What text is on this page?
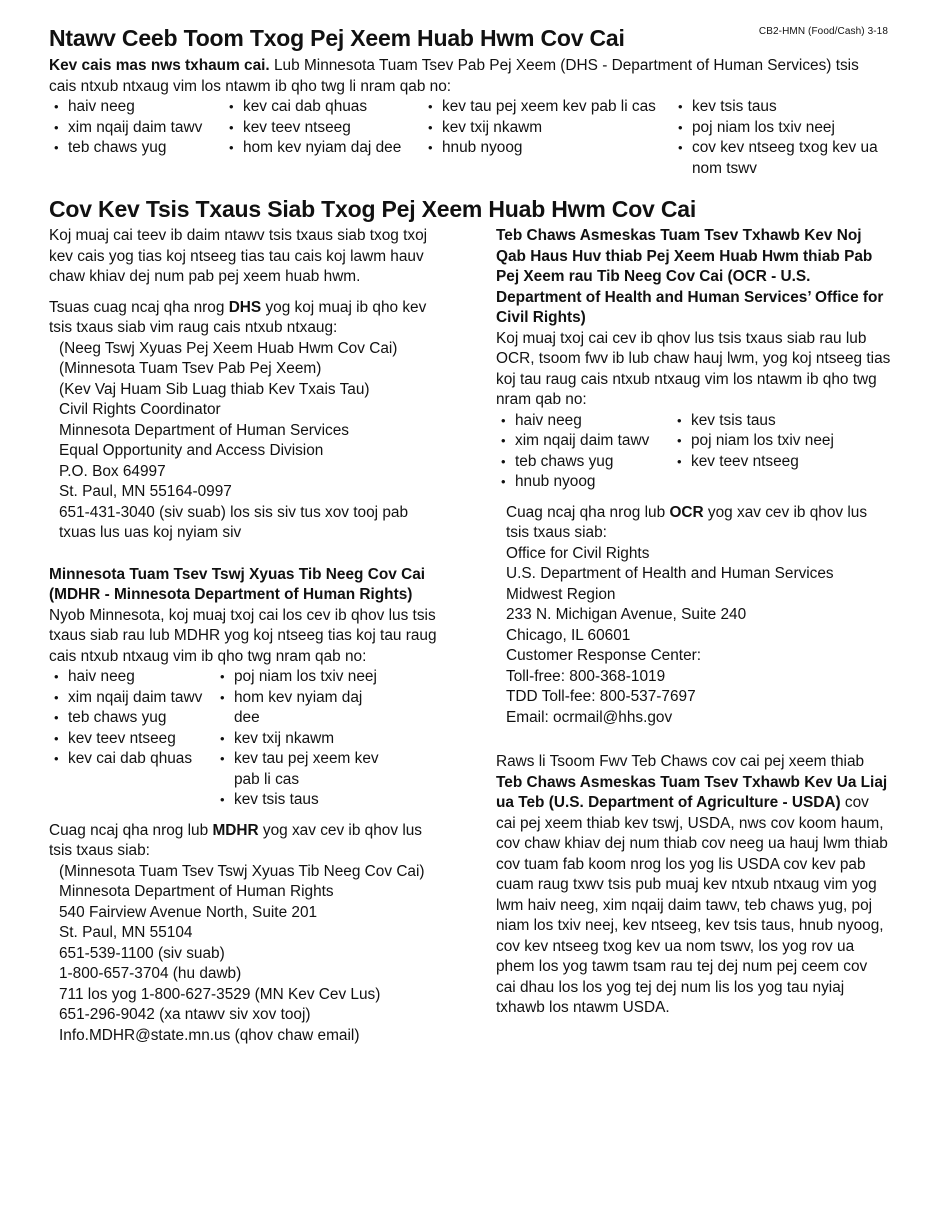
CB2-HMN (Food/Cash) 3-18
Ntawv Ceeb Toom Txog Pej Xeem Huab Hwm Cov Cai

Kev cais mas nws txhaum cai. Lub Minnesota Tuam Tsev Pab Pej Xeem (DHS - Department of Human Services) tsis cais ntxub ntxaug vim los ntawm ib qho twg li nram qab no:

• haiv neeg
• xim nqaij daim tawv
• teb chaws yug
• kev cai dab qhuas
• kev teev ntseeg
• hom kev nyiam daj dee
• kev tau pej xeem kev pab li cas
• kev txij nkawm
• hnub nyoog
• kev tsis taus
• poj niam los txiv neej
• cov kev ntseeg txog kev ua nom tswv
Cov Kev Tsis Txaus Siab Txog Pej Xeem Huab Hwm Cov Cai

Koj muaj cai teev ib daim ntawv tsis txaus siab txog txoj kev cais yog tias koj ntseeg tias tau cais koj lawm hauv chaw khiav dej num pab pej xeem huab hwm.

Tsuas cuag ncaj qha nrog DHS yog koj muaj ib qho kev tsis txaus siab vim raug cais ntxub ntxaug:

(Neeg Tswj Xyuas Pej Xeem Huab Hwm Cov Cai)
(Minnesota Tuam Tsev Pab Pej Xeem)
(Kev Vaj Huam Sib Luag thiab Kev Txais Tau)
Civil Rights Coordinator
Minnesota Department of Human Services
Equal Opportunity and Access Division
P.O. Box 64997
St. Paul, MN 55164-0997
651-431-3040 (siv suab) los sis siv tus xov tooj pab
txuas lus uas koj nyiam siv

Minnesota Tuam Tsev Tswj Xyuas Tib Neeg Cov Cai
(MDHR - Minnesota Department of Human Rights)

Nyob Minnesota, koj muaj txoj cai los cev ib qhov lus tsis txaus siab rau lub MDHR yog koj ntseeg tias koj tau raug cais ntxub ntxaug vim ib qho twg nram qab no:

• haiv neeg
• xim nqaij daim tawv
• teb chaws yug
• kev teev ntseeg
• kev cai dab qhuas
• poj niam los txiv neej
• hom kev nyiam daj dee
• kev txij nkawm
• kev tau pej xeem kev pab li cas
• kev tsis taus

Cuag ncaj qha nrog lub MDHR yog xav cev ib qhov lus tsis txaus siab:

(Minnesota Tuam Tsev Tswj Xyuas Tib Neeg Cov Cai)
Minnesota Department of Human Rights
540 Fairview Avenue North, Suite 201
St. Paul, MN 55104
651-539-1100 (siv suab)
1-800-657-3704 (hu dawb)
711 los yog 1-800-627-3529 (MN Kev Cev Lus)
651-296-9042 (xa ntawv siv xov tooj)
Info.MDHR@state.mn.us (qhov chaw email)

Teb Chaws Asmeskas Tuam Tsev Txhawb Kev Noj Qab Haus Huv thiab Pej Xeem Huab Hwm thiab Pab Pej Xeem rau Tib Neeg Cov Cai (OCR - U.S. Department of Health and Human Services’ Office for Civil Rights)

Koj muaj txoj cai cev ib qhov lus tsis txaus siab rau lub OCR, tsoom fwv ib lub chaw hauj lwm, yog koj ntseeg tias koj tau raug cais ntxub ntxaug vim los ntawm ib qho twg nram qab no:

• haiv neeg
• xim nqaij daim tawv
• teb chaws yug
• hnub nyoog
• kev tsis taus
• poj niam los txiv neej
• kev teev ntseeg

Cuag ncaj qha nrog lub OCR yog xav cev ib qhov lus tsis txaus siab:

Office for Civil Rights
U.S. Department of Health and Human Services
Midwest Region
233 N. Michigan Avenue, Suite 240
Chicago, IL 60601
Customer Response Center:
Toll-free: 800-368-1019
TDD Toll-fee: 800-537-7697
Email: ocrmail@hhs.gov

Raws li Tsoom Fwv Teb Chaws cov cai pej xeem thiab Teb Chaws Asmeskas Tuam Tsev Txhawb Kev Ua Liaj ua Teb (U.S. Department of Agriculture - USDA) cov cai pej xeem thiab kev tswj, USDA, nws cov koom haum, cov chaw khiav dej num thiab cov neeg ua hauj lwm thiab cov tuam fab koom nrog los yog lis USDA cov kev pab cuam raug txwv tsis pub muaj kev ntxub ntxaug vim yog lwm haiv neeg, xim nqaij daim tawv, teb chaws yug, poj niam los txiv neej, kev ntseeg, kev tsis taus, hnub nyoog, cov kev ntseeg txog kev ua nom tswv, los yog rov ua phem los yog tawm tsam rau tej dej num pej ceem cov cai dhau los los yog tej dej num lis los yog tau nyiaj txhawb los ntawm USDA.
